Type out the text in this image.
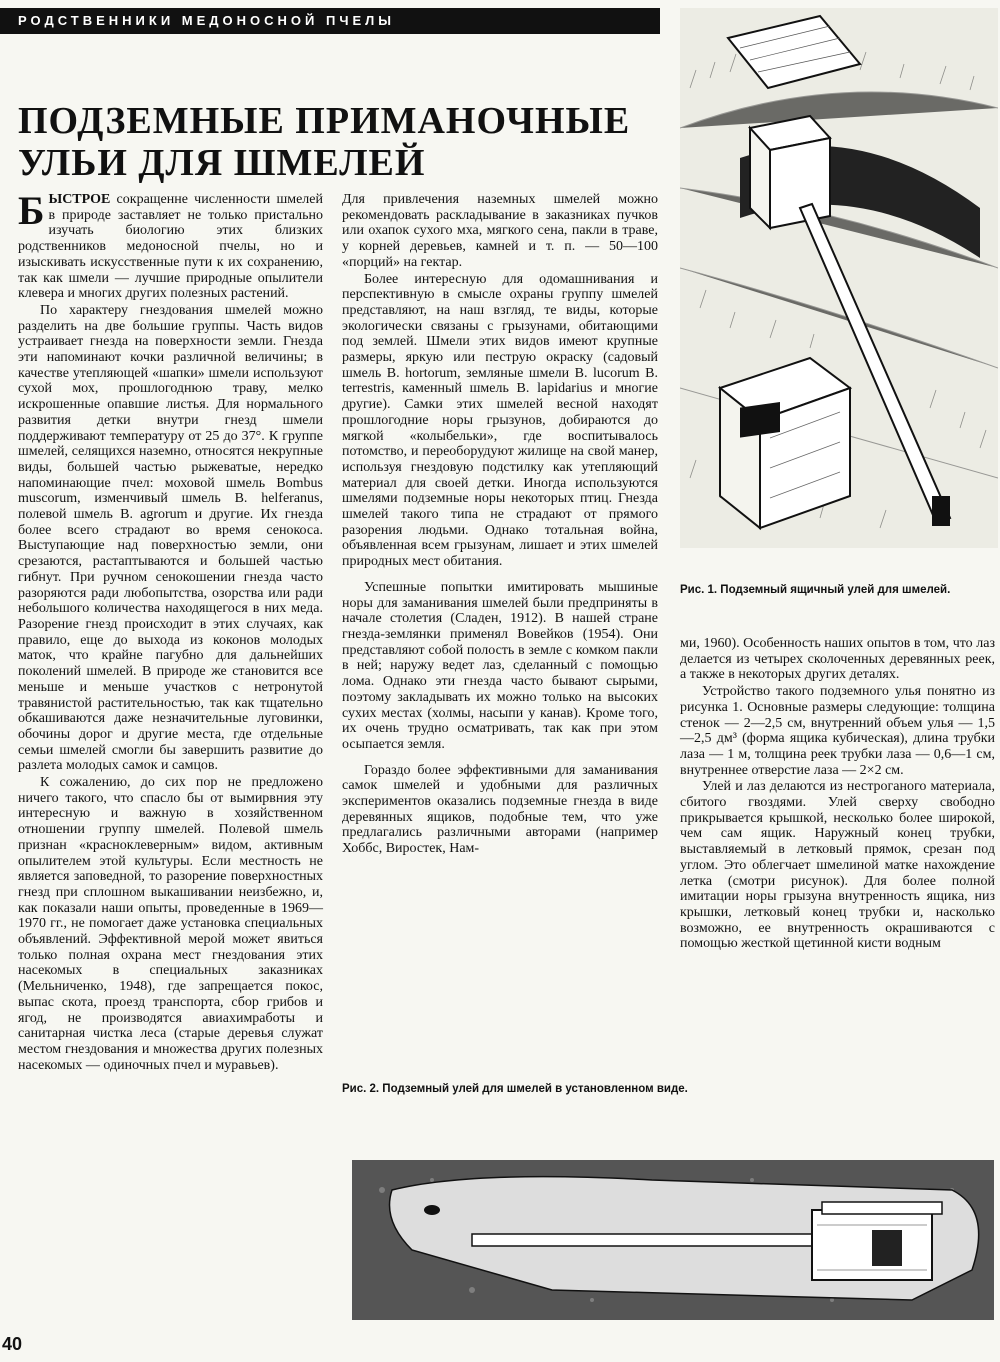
РОДСТВЕННИКИ МЕДОНОСНОЙ ПЧЕЛЫ
ПОДЗЕМНЫЕ ПРИМАНОЧНЫЕ
УЛЬИ ДЛЯ ШМЕЛЕЙ

БЫСТРОЕ сокращенне численности шмелей в природе заставляет не только пристально изучать биологию этих близких родственников медоносной пчелы, но и изыскивать искусственные пути к их сохранению, так как шмели — лучшие природные опылители клевера и многих других полезных растений.

По характеру гнездования шмелей можно разделить на две большие группы. Часть видов устраивает гнезда на поверхности земли. Гнезда эти напоминают кочки различной величины; в качестве утепляющей «шапки» шмели используют сухой мох, прошлогоднюю траву, мелко искрошенные опавшие листья. Для нормального развития детки внутри гнезд шмели поддерживают температуру от 25 до 37°. К группе шмелей, селящихся наземно, относятся некрупные виды, большей частью рыжеватые, нередко напоминающие пчел: моховой шмель Bombus muscorum, изменчивый шмель B. helferanus, полевой шмель B. agrorum и другие. Их гнезда более всего страдают во время сенокоса. Выступающие над поверхностью земли, они срезаются, растаптываются и большей частью гибнут. При ручном сенокошении гнезда часто разоряются ради любопытства, озорства или ради небольшого количества находящегося в них меда. Разорение гнезд происходит в этих случаях, как правило, еще до выхода из коконов молодых маток, что крайне пагубно для дальнейших поколений шмелей. В природе же становится все меньше и меньше участков с нетронутой травянистой растительностью, так как тщательно обкашиваются даже незначительные луговинки, обочины дорог и другие места, где отдельные семьи шмелей смогли бы завершить развитие до разлета молодых самок и самцов.

К сожалению, до сих пор не предложено ничего такого, что спасло бы от вымирвния эту интересную и важную в хозяйственном отношении группу шмелей. Полевой шмель признан «краснoклеверным» видом, активным опылителем этой культуры. Если местность не является заповедной, то разорение поверхностных гнезд при сплошном выкашивании неизбежно, и, как показали наши опыты, проведенные в 1969—1970 гг., не помогает даже установка специальных объявлений. Эффективной мерой может явиться только полная охрана мест гнездования этих насекомых в специальных заказниках (Мельниченко, 1948), где запрещается покос, выпас скота, проезд транспорта, сбор грибов и ягод, не производятся авиахимработы и санитарная чистка леса (старые деревья служат местом гнездования и множества других полезных насекомых — одиночных пчел и муравьев).

Для привлечения наземных шмелей можно рекомендовать раскладывание в заказниках пучков или охапок сухого мха, мягкого сена, пакли в траве, у корней деревьев, камней и т. п. — 50—100 «порций» на гектар.

Более интересную для одомашнивания и перспективную в смысле охраны группу шмелей представляют, на наш взгляд, те виды, которые экологически связаны с грызунами, обитающими под землей. Шмели этих видов имеют крупные размеры, яркую или пеструю окраску (садовый шмель B. hortorum, земляные шмели B. lucorum B. terrestris, каменный шмель B. lapidarius и многие другие). Самки этих шмелей весной находят прошлогодние норы грызунов, добираются до мягкой «колыбельки», где воспитывалось потомство, и переоборудуют жилище на свой манер, используя гнездовую подстилку как утепляющий материал для своей детки. Иногда используются шмелями подземные норы некоторых птиц. Гнезда шмелей такого типа не страдают от прямого разорения людьми. Однако тотальная война, объявленная всем грызунам, лишает и этих шмелей природных мест обитания.

Успешные попытки имитировать мышиные норы для заманивания шмелей были предприняты в начале столетия (Сладен, 1912). В нашей стране гнезда-землянки применял Вовейков (1954). Они представляют собой полость в земле с комком пакли в ней; наружу ведет лаз, сделанный с помощью лома. Однако эти гнезда часто бывают сырыми, поэтому закладывать их можно только на высоких сухих местах (холмы, насыпи у канав). Кроме того, их очень трудно осматривать, так как при этом осыпается земля.

Гораздо более эффективными для заманивания самок шмелей и удобными для различных экспериментов оказались подземные гнезда в виде деревянных ящиков, подобные тем, что уже предлагались различными авторами (например Хоббс, Виростек, Нам-

Рис. 1. Подземный ящичный улей для шмелей.

ми, 1960). Особенность наших опытов в том, что лаз делается из четырех сколоченных деревянных реек, а также в некоторых других деталях.

Устройство такого подземного улья понятно из рисунка 1. Основные размеры следующие: толщина стенок — 2—2,5 см, внутренний объем улья — 1,5—2,5 дм³ (форма ящика кубическая), длина трубки лаза — 1 м, толщина реек трубки лаза — 0,6—1 см, внутреннее отверстие лаза — 2×2 см.

Улей и лаз делаются из нестроганого материала, сбитого гвоздями. Улей сверху свободно прикрывается крышкой, несколько более широкой, чем сам ящик. Наружный конец трубки, выставляемый в летковый прямок, срезан под углом. Это облегчает шмелиной матке нахождение летка (смотри рисунок). Для более полной имитации норы грызуна внутренность ящика, низ крышки, летковый конец трубки и, насколько возможно, ее внутренность окрашиваются с помощью жесткой щетинной кисти водным

Рис. 2. Подземный улей для шмелей в установленном виде.
40
